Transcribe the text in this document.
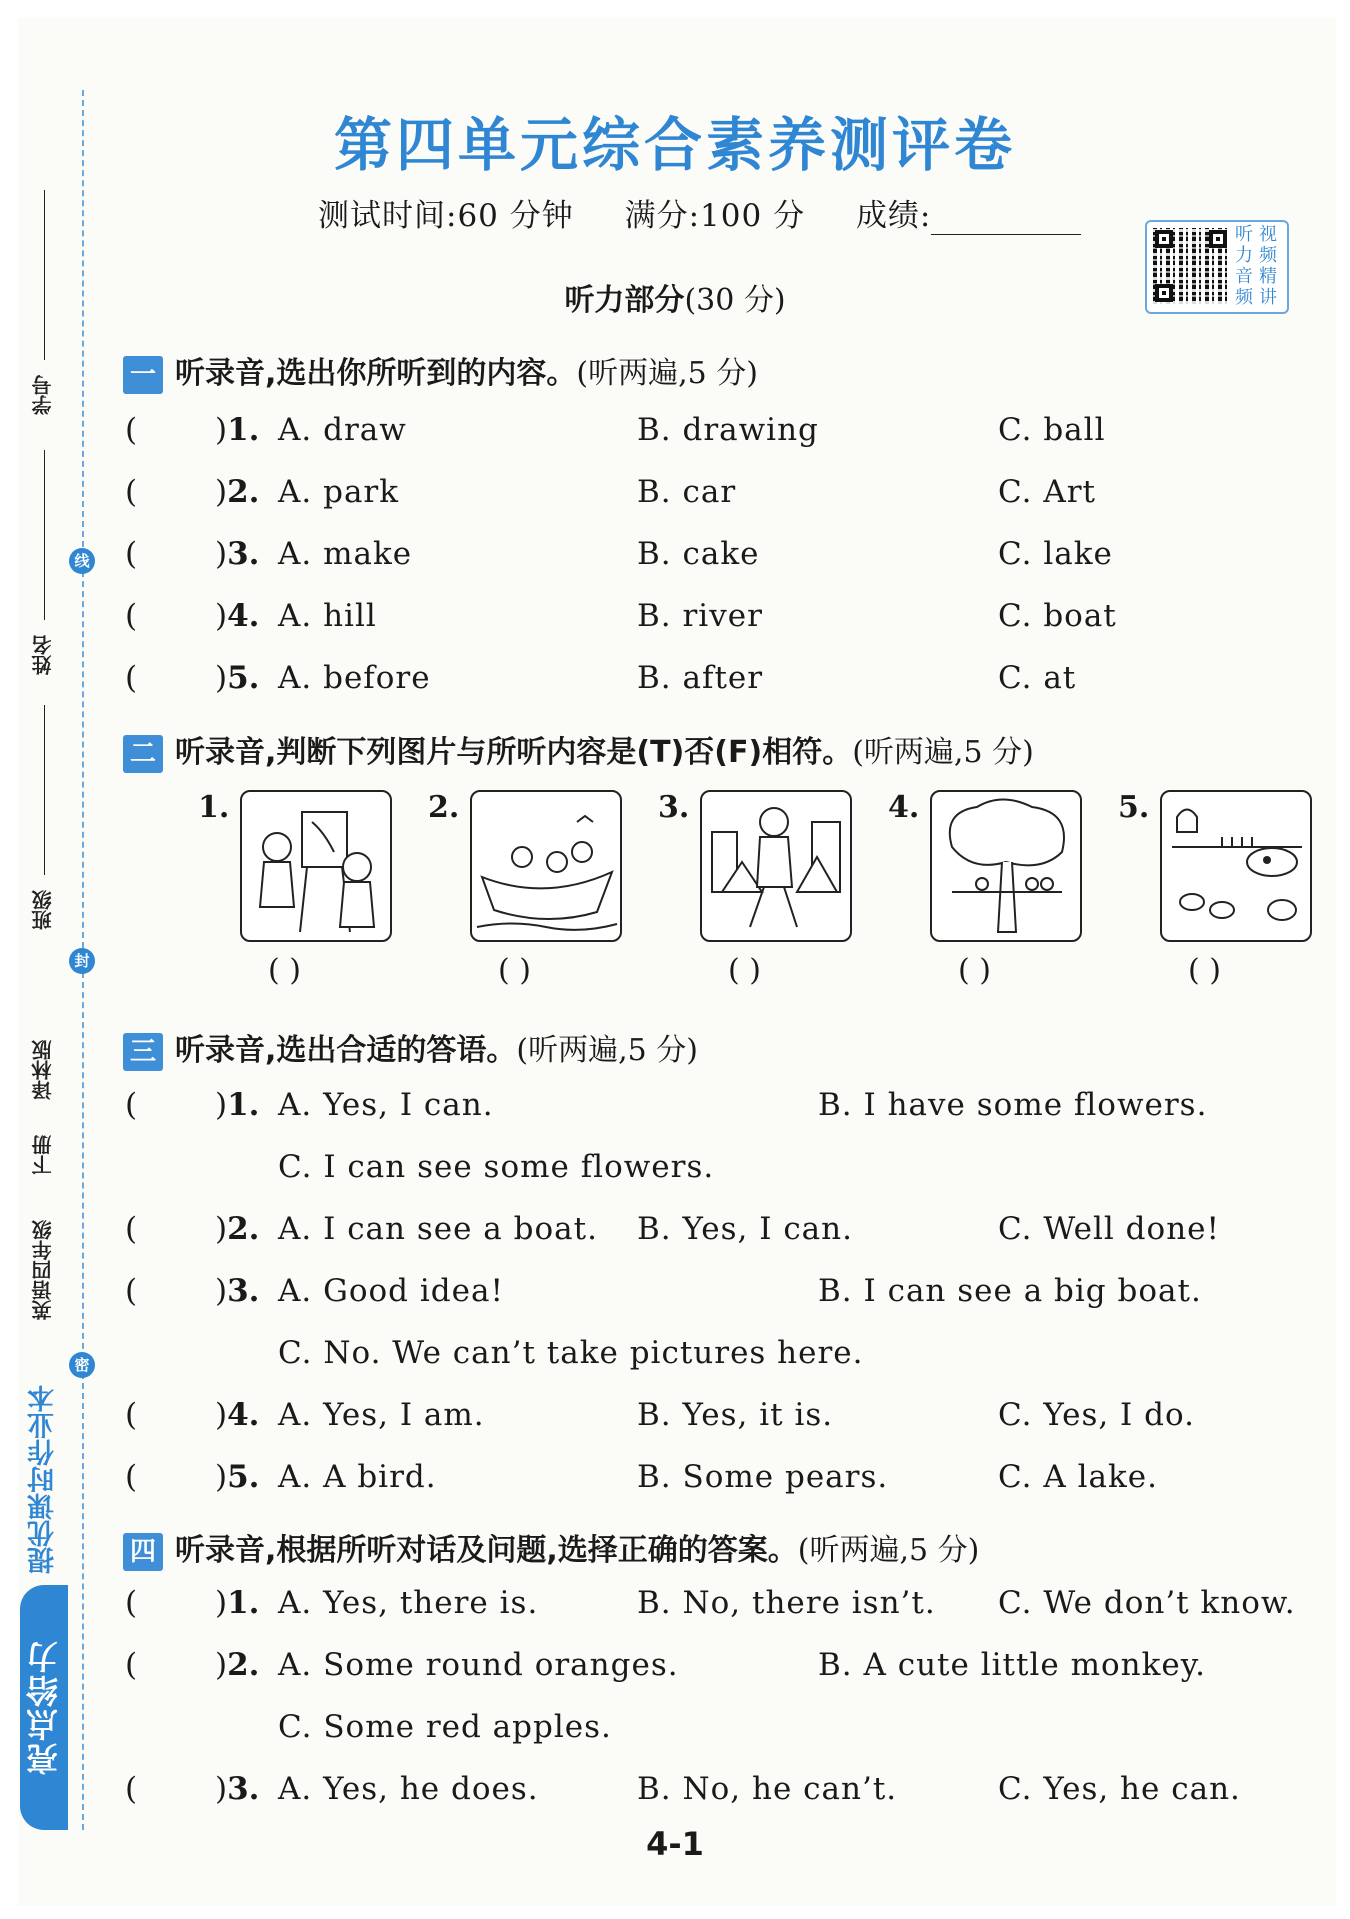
学号
姓名
班级
线
封
密
译林版
下册
英语四年级
提优课时作业本
亮点给力
第四单元综合素养测评卷
测试时间:60 分钟 满分:100 分 成绩:
听 视
力 频
音 精
频 讲
听力部分(30 分)
一 听录音,选出你所听到的内容。(听两遍,5 分)
(	)1. A. draw	B. drawing	C. ball
(	)2. A. park	B. car	C. Art
(	)3. A. make	B. cake	C. lake
(	)4. A. hill	B. river	C. boat
(	)5. A. before	B. after	C. at
二 听录音,判断下列图片与所听内容是(T)否(F)相符。(听两遍,5 分)
1.
( )
2.
( )
3.
( )
4.
( )
5.
( )
三 听录音,选出合适的答语。(听两遍,5 分)
(	)1. A. Yes, I can.	B. I have some flowers.
C. I can see some flowers.
(	)2. A. I can see a boat. B. Yes, I can.	C. Well done!
(	)3. A. Good idea!	B. I can see a big boat.
C. No. We can’t take pictures here.
(	)4. A. Yes, I am.	B. Yes, it is.	C. Yes, I do.
(	)5. A. A bird.	B. Some pears.	C. A lake.
四 听录音,根据所听对话及问题,选择正确的答案。(听两遍,5 分)
(	)1. A. Yes, there is.	B. No, there isn’t. C. We don’t know.
(	)2. A. Some round oranges.	B. A cute little monkey.
C. Some red apples.
(	)3. A. Yes, he does.	B. No, he can’t.	C. Yes, he can.
4-1
